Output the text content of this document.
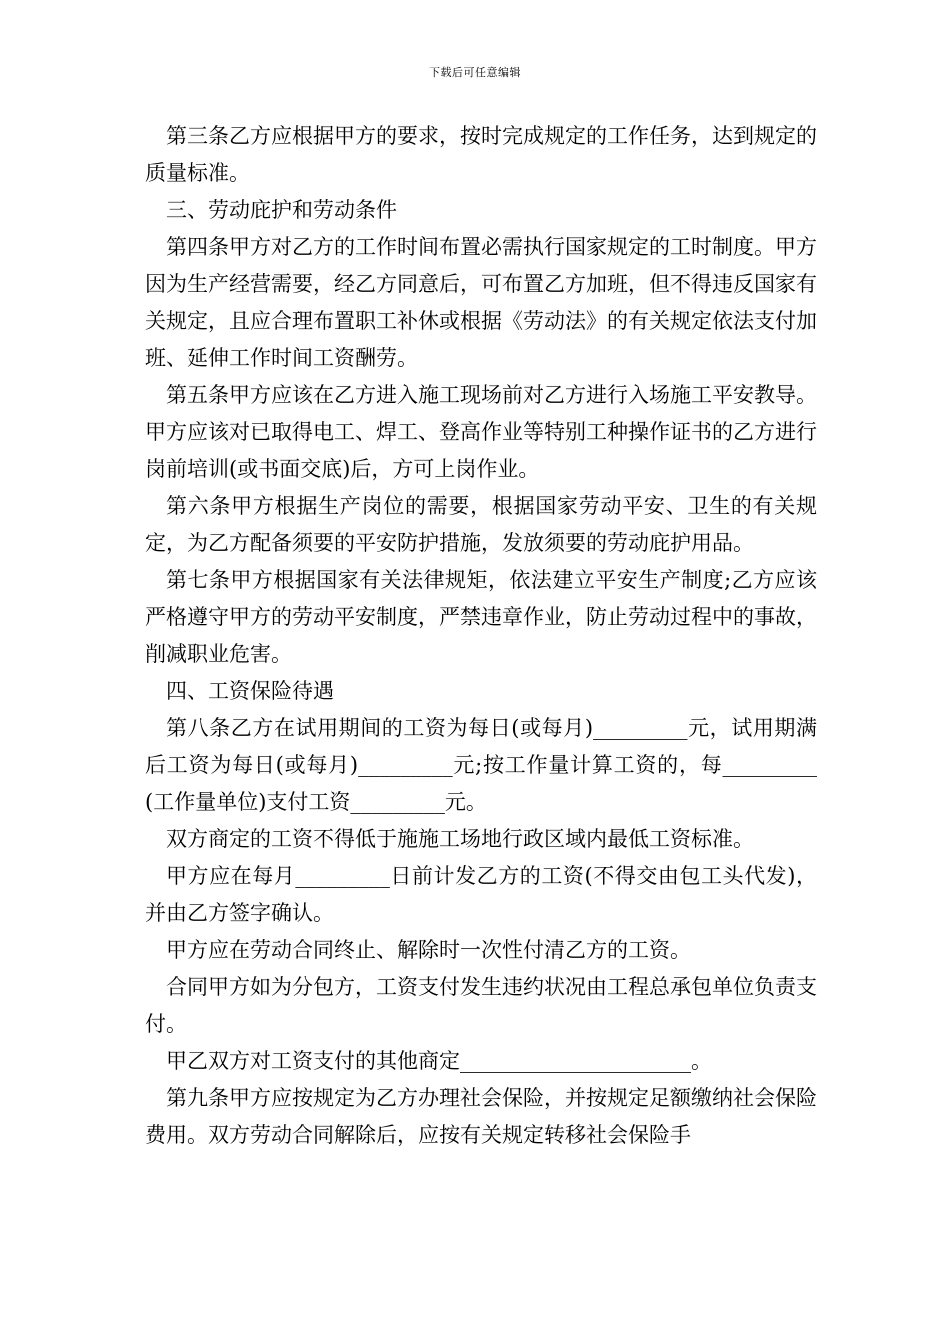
下载后可任意编辑

第三条乙方应根据甲方的要求，按时完成规定的工作任务，达到规定的质量标准。

三、劳动庇护和劳动条件

第四条甲方对乙方的工作时间布置必需执行国家规定的工时制度。甲方因为生产经营需要，经乙方同意后，可布置乙方加班，但不得违反国家有关规定，且应合理布置职工补休或根据《劳动法》的有关规定依法支付加班、延伸工作时间工资酬劳。

第五条甲方应该在乙方进入施工现场前对乙方进行入场施工平安教导。甲方应该对已取得电工、焊工、登高作业等特别工种操作证书的乙方进行岗前培训(或书面交底)后，方可上岗作业。

第六条甲方根据生产岗位的需要，根据国家劳动平安、卫生的有关规定，为乙方配备须要的平安防护措施，发放须要的劳动庇护用品。

第七条甲方根据国家有关法律规矩，依法建立平安生产制度;乙方应该严格遵守甲方的劳动平安制度，严禁违章作业，防止劳动过程中的事故，削减职业危害。

四、工资保险待遇

第八条乙方在试用期间的工资为每日(或每月)_________元，试用期满后工资为每日(或每月)_________元;按工作量计算工资的，每_________(工作量单位)支付工资_________元。

双方商定的工资不得低于施施工场地行政区域内最低工资标准。

甲方应在每月_________日前计发乙方的工资(不得交由包工头代发)，并由乙方签字确认。

甲方应在劳动合同终止、解除时一次性付清乙方的工资。

合同甲方如为分包方，工资支付发生违约状况由工程总承包单位负责支付。

甲乙双方对工资支付的其他商定______________________。

第九条甲方应按规定为乙方办理社会保险，并按规定足额缴纳社会保险费用。双方劳动合同解除后，应按有关规定转移社会保险手
